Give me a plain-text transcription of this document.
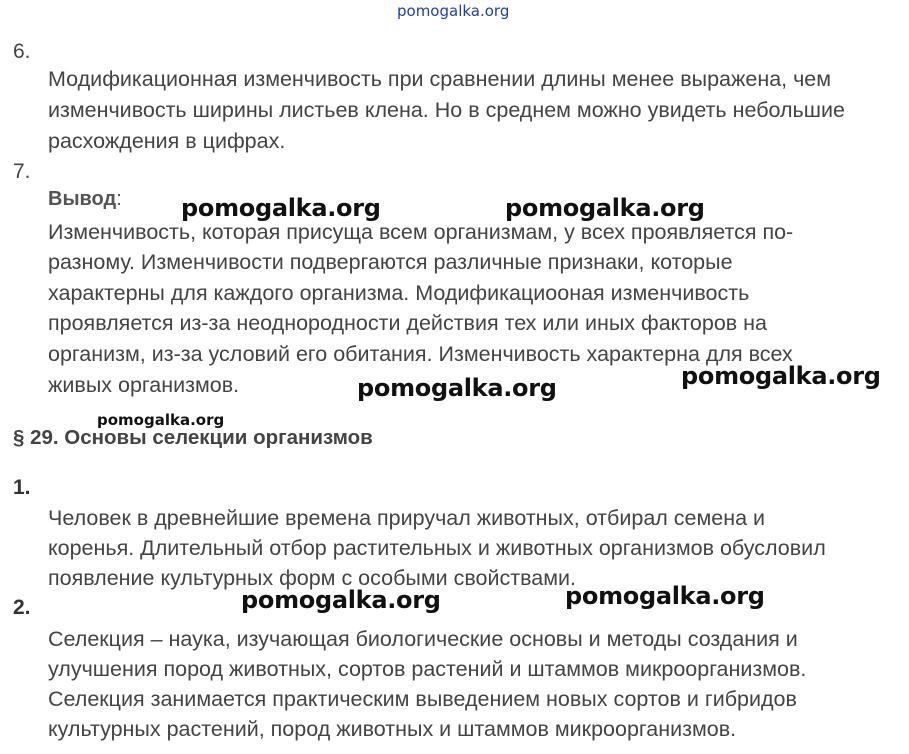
pomogalka.org
6.
Модификационная изменчивость при сравнении длины менее выражена, чем
изменчивость ширины листьев клена. Но в среднем можно увидеть небольшие
расхождения в цифрах.
7.
Вывод:
Изменчивость, которая присуща всем организмам, у всех проявляется по-
разному. Изменчивости подвергаются различные признаки, которые
характерны для каждого организма. Модификациооная изменчивость
проявляется из-за неоднородности действия тех или иных факторов на
организм, из-за условий его обитания. Изменчивость характерна для всех
живых организмов.
§ 29. Основы селекции организмов
1.
Человек в древнейшие времена приручал животных, отбирал семена и
коренья. Длительный отбор растительных и животных организмов обусловил
появление культурных форм с особыми свойствами.
2.
Селекция – наука, изучающая биологические основы и методы создания и
улучшения пород животных, сортов растений и штаммов микроорганизмов.
Селекция занимается практическим выведением новых сортов и гибридов
культурных растений, пород животных и штаммов микроорганизмов.
pomogalka.org	pomogalka.org
pomogalka.org	pomogalka.org
pomogalka.org
pomogalka.org	pomogalka.org
